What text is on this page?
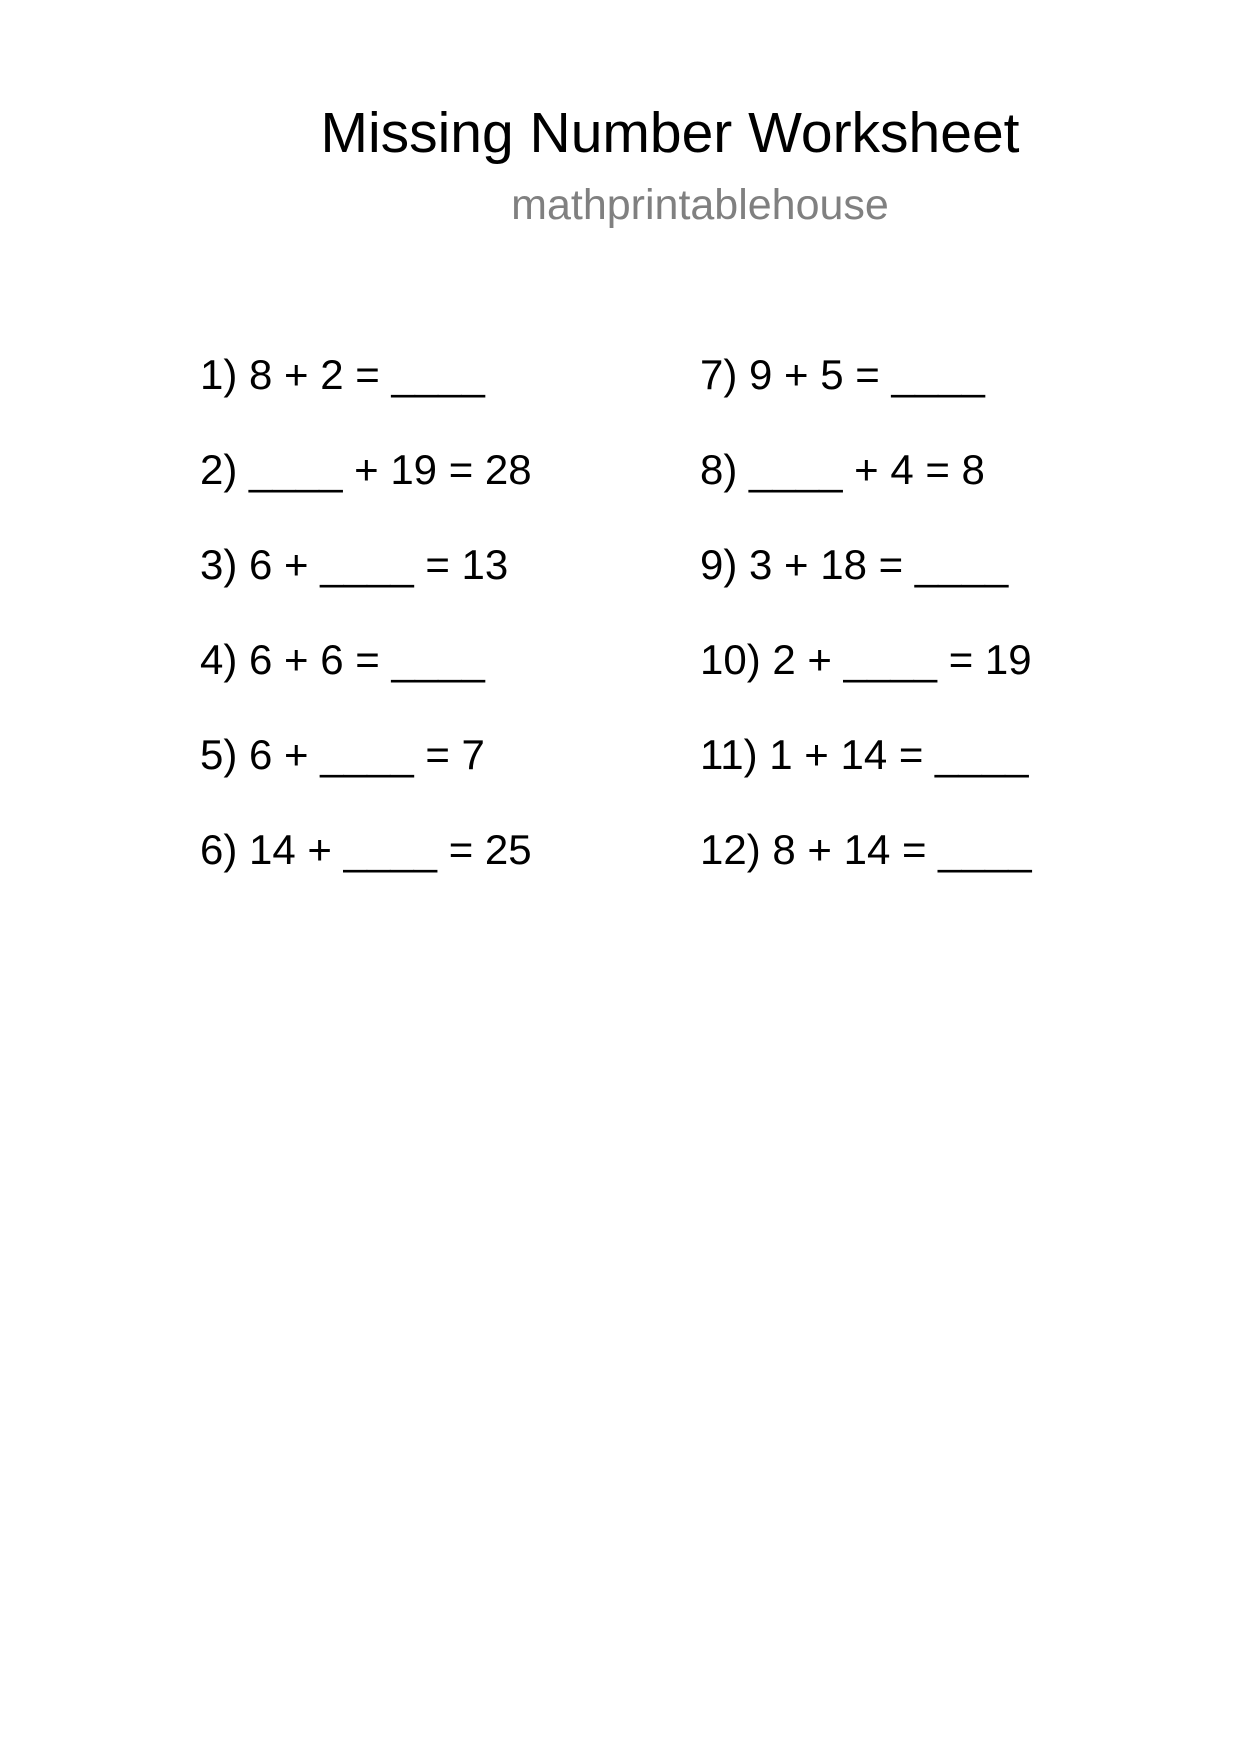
Missing Number Worksheet
mathprintablehouse
1) 8 + 2 = ____
2) ____ + 19 = 28
3) 6 + ____ = 13
4) 6 + 6 = ____
5) 6 + ____ = 7
6) 14 + ____ = 25
7) 9 + 5 = ____
8) ____ + 4 = 8
9) 3 + 18 = ____
10) 2 + ____ = 19
11) 1 + 14 = ____
12) 8 + 14 = ____
